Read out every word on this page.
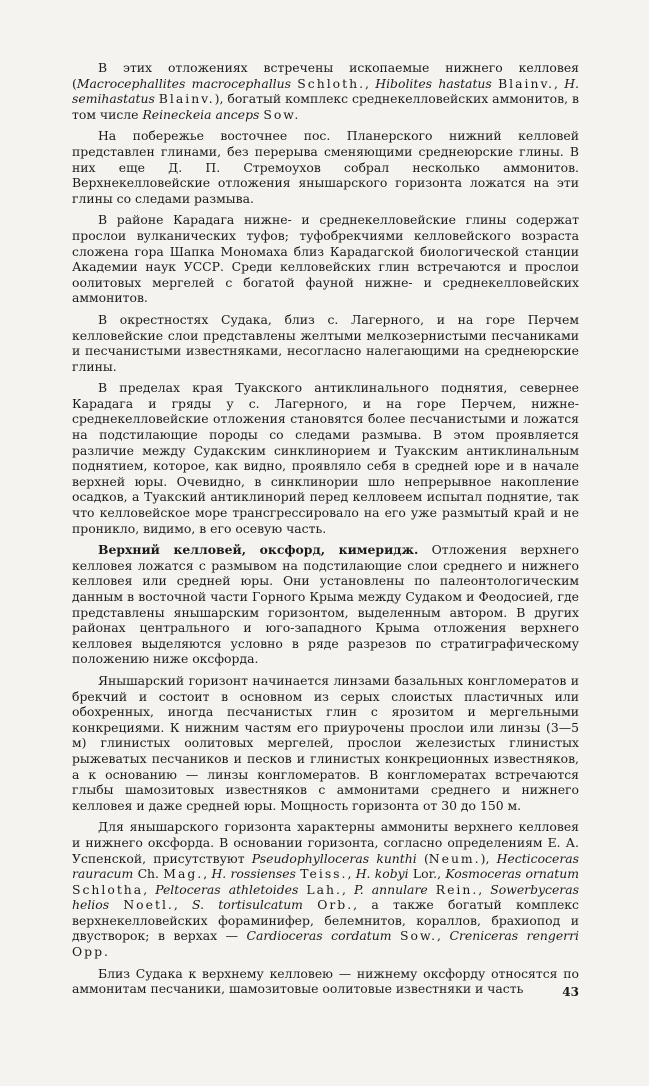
В этих отложениях встречены ископаемые нижнего келловея (Macrocephallites macrocephallus Schloth., Hibolites hastatus Blainv., H. semihastatus Blainv.), богатый комплекс среднекелловейских аммонитов, в том числе Reineckeia anceps Sow.

На побережье восточнее пос. Планерского нижний келловей представлен глинами, без перерыва сменяющими среднеюрские глины. В них еще Д. П. Стремоухов собрал несколько аммонитов. Верхнекелловейские отложения янышарского горизонта ложатся на эти глины со следами размыва.

В районе Карадага нижне- и среднекелловейские глины содержат прослои вулканических туфов; туфобрекчиями келловейского возраста сложена гора Шапка Мономаха близ Карадагской биологической станции Академии наук УССР. Среди келловейских глин встречаются и прослои оолитовых мергелей с богатой фауной нижне- и среднекелловейских аммонитов.

В окрестностях Судака, близ с. Лагерного, и на горе Перчем келловейские слои представлены желтыми мелкозернистыми песчаниками и песчанистыми известняками, несогласно налегающими на среднеюрские глины.

В пределах края Туакского антиклинального поднятия, севернее Карадага и гряды у с. Лагерного, и на горе Перчем, нижне-среднекелловейские отложения становятся более песчанистыми и ложатся на подстилающие породы со следами размыва. В этом проявляется различие между Судакским синклинорием и Туакским антиклинальным поднятием, которое, как видно, проявляло себя в средней юре и в начале верхней юры. Очевидно, в синклинории шло непрерывное накопление осадков, а Туакский антиклинорий перед келловеем испытал поднятие, так что келловейское море трансгрессировало на его уже размытый край и не проникло, видимо, в его осевую часть.

Верхний келловей, оксфорд, кимеридж. Отложения верхнего келловея ложатся с размывом на подстилающие слои среднего и нижнего келловея или средней юры. Они установлены по палеонтологическим данным в восточной части Горного Крыма между Судаком и Феодосией, где представлены янышарским горизонтом, выделенным автором. В других районах центрального и юго-западного Крыма отложения верхнего келловея выделяются условно в ряде разрезов по стратиграфическому положению ниже оксфорда.

Янышарский горизонт начинается линзами базальных конгломератов и брекчий и состоит в основном из серых слоистых пластичных или обохренных, иногда песчанистых глин с ярозитом и мергельными конкрециями. К нижним частям его приурочены прослои или линзы (3—5 м) глинистых оолитовых мергелей, прослои железистых глинистых рыжеватых песчаников и песков и глинистых конкреционных известняков, а к основанию — линзы конгломератов. В конгломератах встречаются глыбы шамозитовых известняков с аммонитами среднего и нижнего келловея и даже средней юры. Мощность горизонта от 30 до 150 м.

Для янышарского горизонта характерны аммониты верхнего келловея и нижнего оксфорда. В основании горизонта, согласно определениям Е. А. Успенской, присутствуют Pseudophylloceras kunthi (Neum.), Hecticoceras rauracum Ch. Mag., H. rossienses Teiss., H. kobyi Lor., Kosmoceras ornatum Schlotha, Peltoceras athletoides Lah., P. annulare Rein., Sowerbyceras helios Noetl., S. tortisulcatum Orb., а также богатый комплекс верхнекелловейских фораминифер, белемнитов, кораллов, брахиопод и двустворок; в верхах — Cardioceras cordatum Sow., Creniceras rengerri Opp.

Близ Судака к верхнему келловею — нижнему оксфорду относятся по аммонитам песчаники, шамозитовые оолитовые известняки и часть	43
